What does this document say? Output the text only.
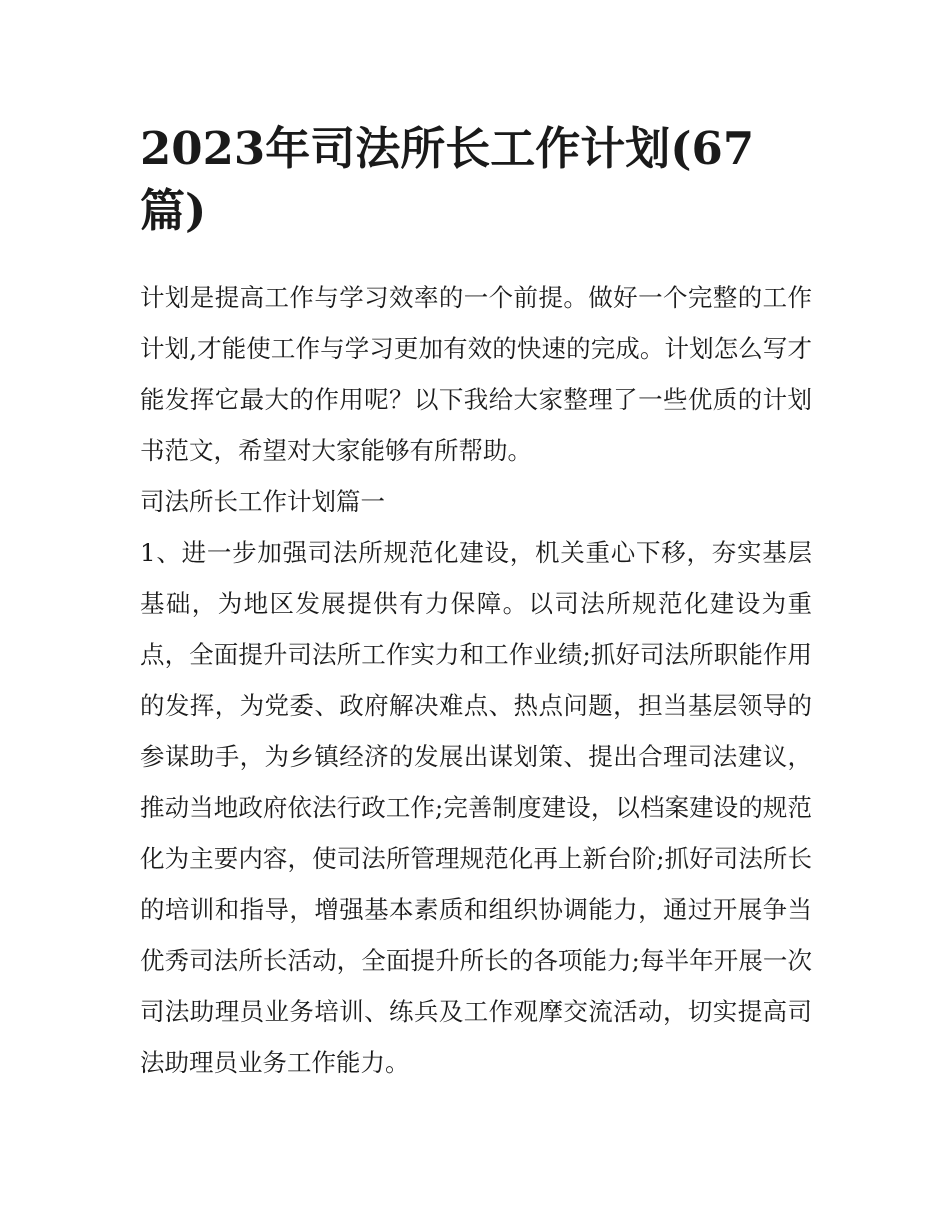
2023年司法所长工作计划(67篇)

计划是提高工作与学习效率的一个前提。做好一个完整的工作计划,才能使工作与学习更加有效的快速的完成。计划怎么写才能发挥它最大的作用呢？以下我给大家整理了一些优质的计划书范文，希望对大家能够有所帮助。

司法所长工作计划篇一

1、进一步加强司法所规范化建设，机关重心下移，夯实基层基础，为地区发展提供有力保障。以司法所规范化建设为重点，全面提升司法所工作实力和工作业绩;抓好司法所职能作用的发挥，为党委、政府解决难点、热点问题，担当基层领导的参谋助手，为乡镇经济的发展出谋划策、提出合理司法建议，推动当地政府依法行政工作;完善制度建设，以档案建设的规范化为主要内容，使司法所管理规范化再上新台阶;抓好司法所长的培训和指导，增强基本素质和组织协调能力，通过开展争当优秀司法所长活动，全面提升所长的各项能力;每半年开展一次司法助理员业务培训、练兵及工作观摩交流活动，切实提高司法助理员业务工作能力。
